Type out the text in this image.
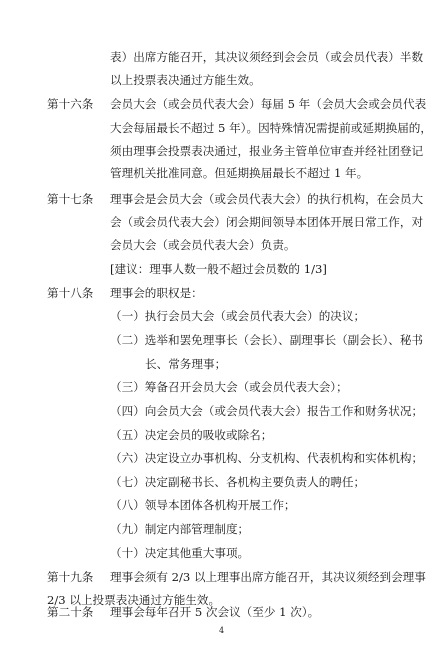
表）出席方能召开，其决议须经到会会员（或会员代表）半数
以上投票表决通过方能生效。
第十六条 会员大会（或会员代表大会）每届 5 年（会员大会或会员代表
大会每届最长不超过 5 年）。因特殊情况需提前或延期换届的，
须由理事会投票表决通过，报业务主管单位审查并经社团登记
管理机关批准同意。但延期换届最长不超过 1 年。
第十七条 理事会是会员大会（或会员代表大会）的执行机构，在会员大
会（或会员代表大会）闭会期间领导本团体开展日常工作，对
会员大会（或会员代表大会）负责。
[建议：理事人数一般不超过会员数的 1/3]
第十八条 理事会的职权是：
（一）执行会员大会（或会员代表大会）的决议；
（二）选举和罢免理事长（会长）、副理事长（副会长）、秘书
长、常务理事；
（三）筹备召开会员大会（或会员代表大会）；
（四）向会员大会（或会员代表大会）报告工作和财务状况；
（五）决定会员的吸收或除名；
（六）决定设立办事机构、分支机构、代表机构和实体机构；
（七）决定副秘书长、各机构主要负责人的聘任；
（八）领导本团体各机构开展工作；
（九）制定内部管理制度；
（十）决定其他重大事项。
第十九条 理事会须有 2/3 以上理事出席方能召开，其决议须经到会理事
2/3 以上投票表决通过方能生效。
第二十条 理事会每年召开 5 次会议（至少 1 次）。
4
